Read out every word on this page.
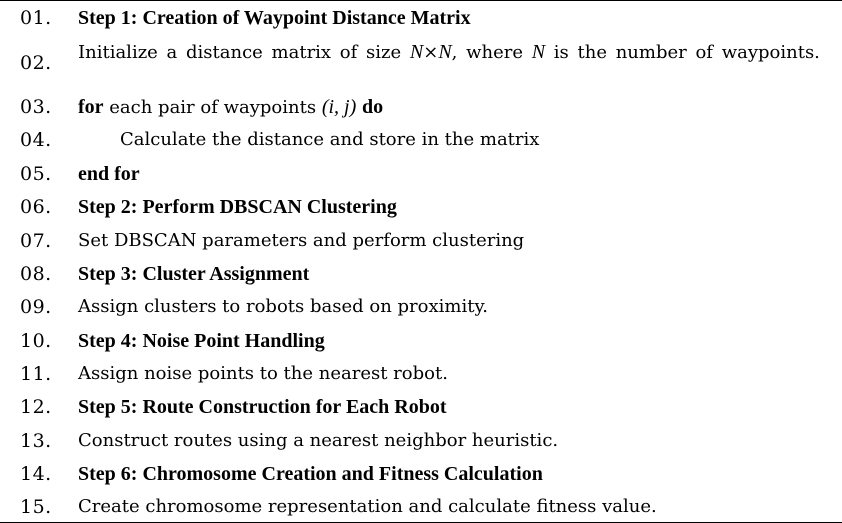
01.	Step 1: Creation of Waypoint Distance Matrix
02.	Initialize a distance matrix of size N×N, where N is the number of waypoints.
03.	for each pair of waypoints (i, j) do
04.	Calculate the distance and store in the matrix
05.	end for
06.	Step 2: Perform DBSCAN Clustering
07.	Set DBSCAN parameters and perform clustering
08.	Step 3: Cluster Assignment
09.	Assign clusters to robots based on proximity.
10.	Step 4: Noise Point Handling
11.	Assign noise points to the nearest robot.
12.	Step 5: Route Construction for Each Robot
13.	Construct routes using a nearest neighbor heuristic.
14.	Step 6: Chromosome Creation and Fitness Calculation
15.	Create chromosome representation and calculate fitness value.
